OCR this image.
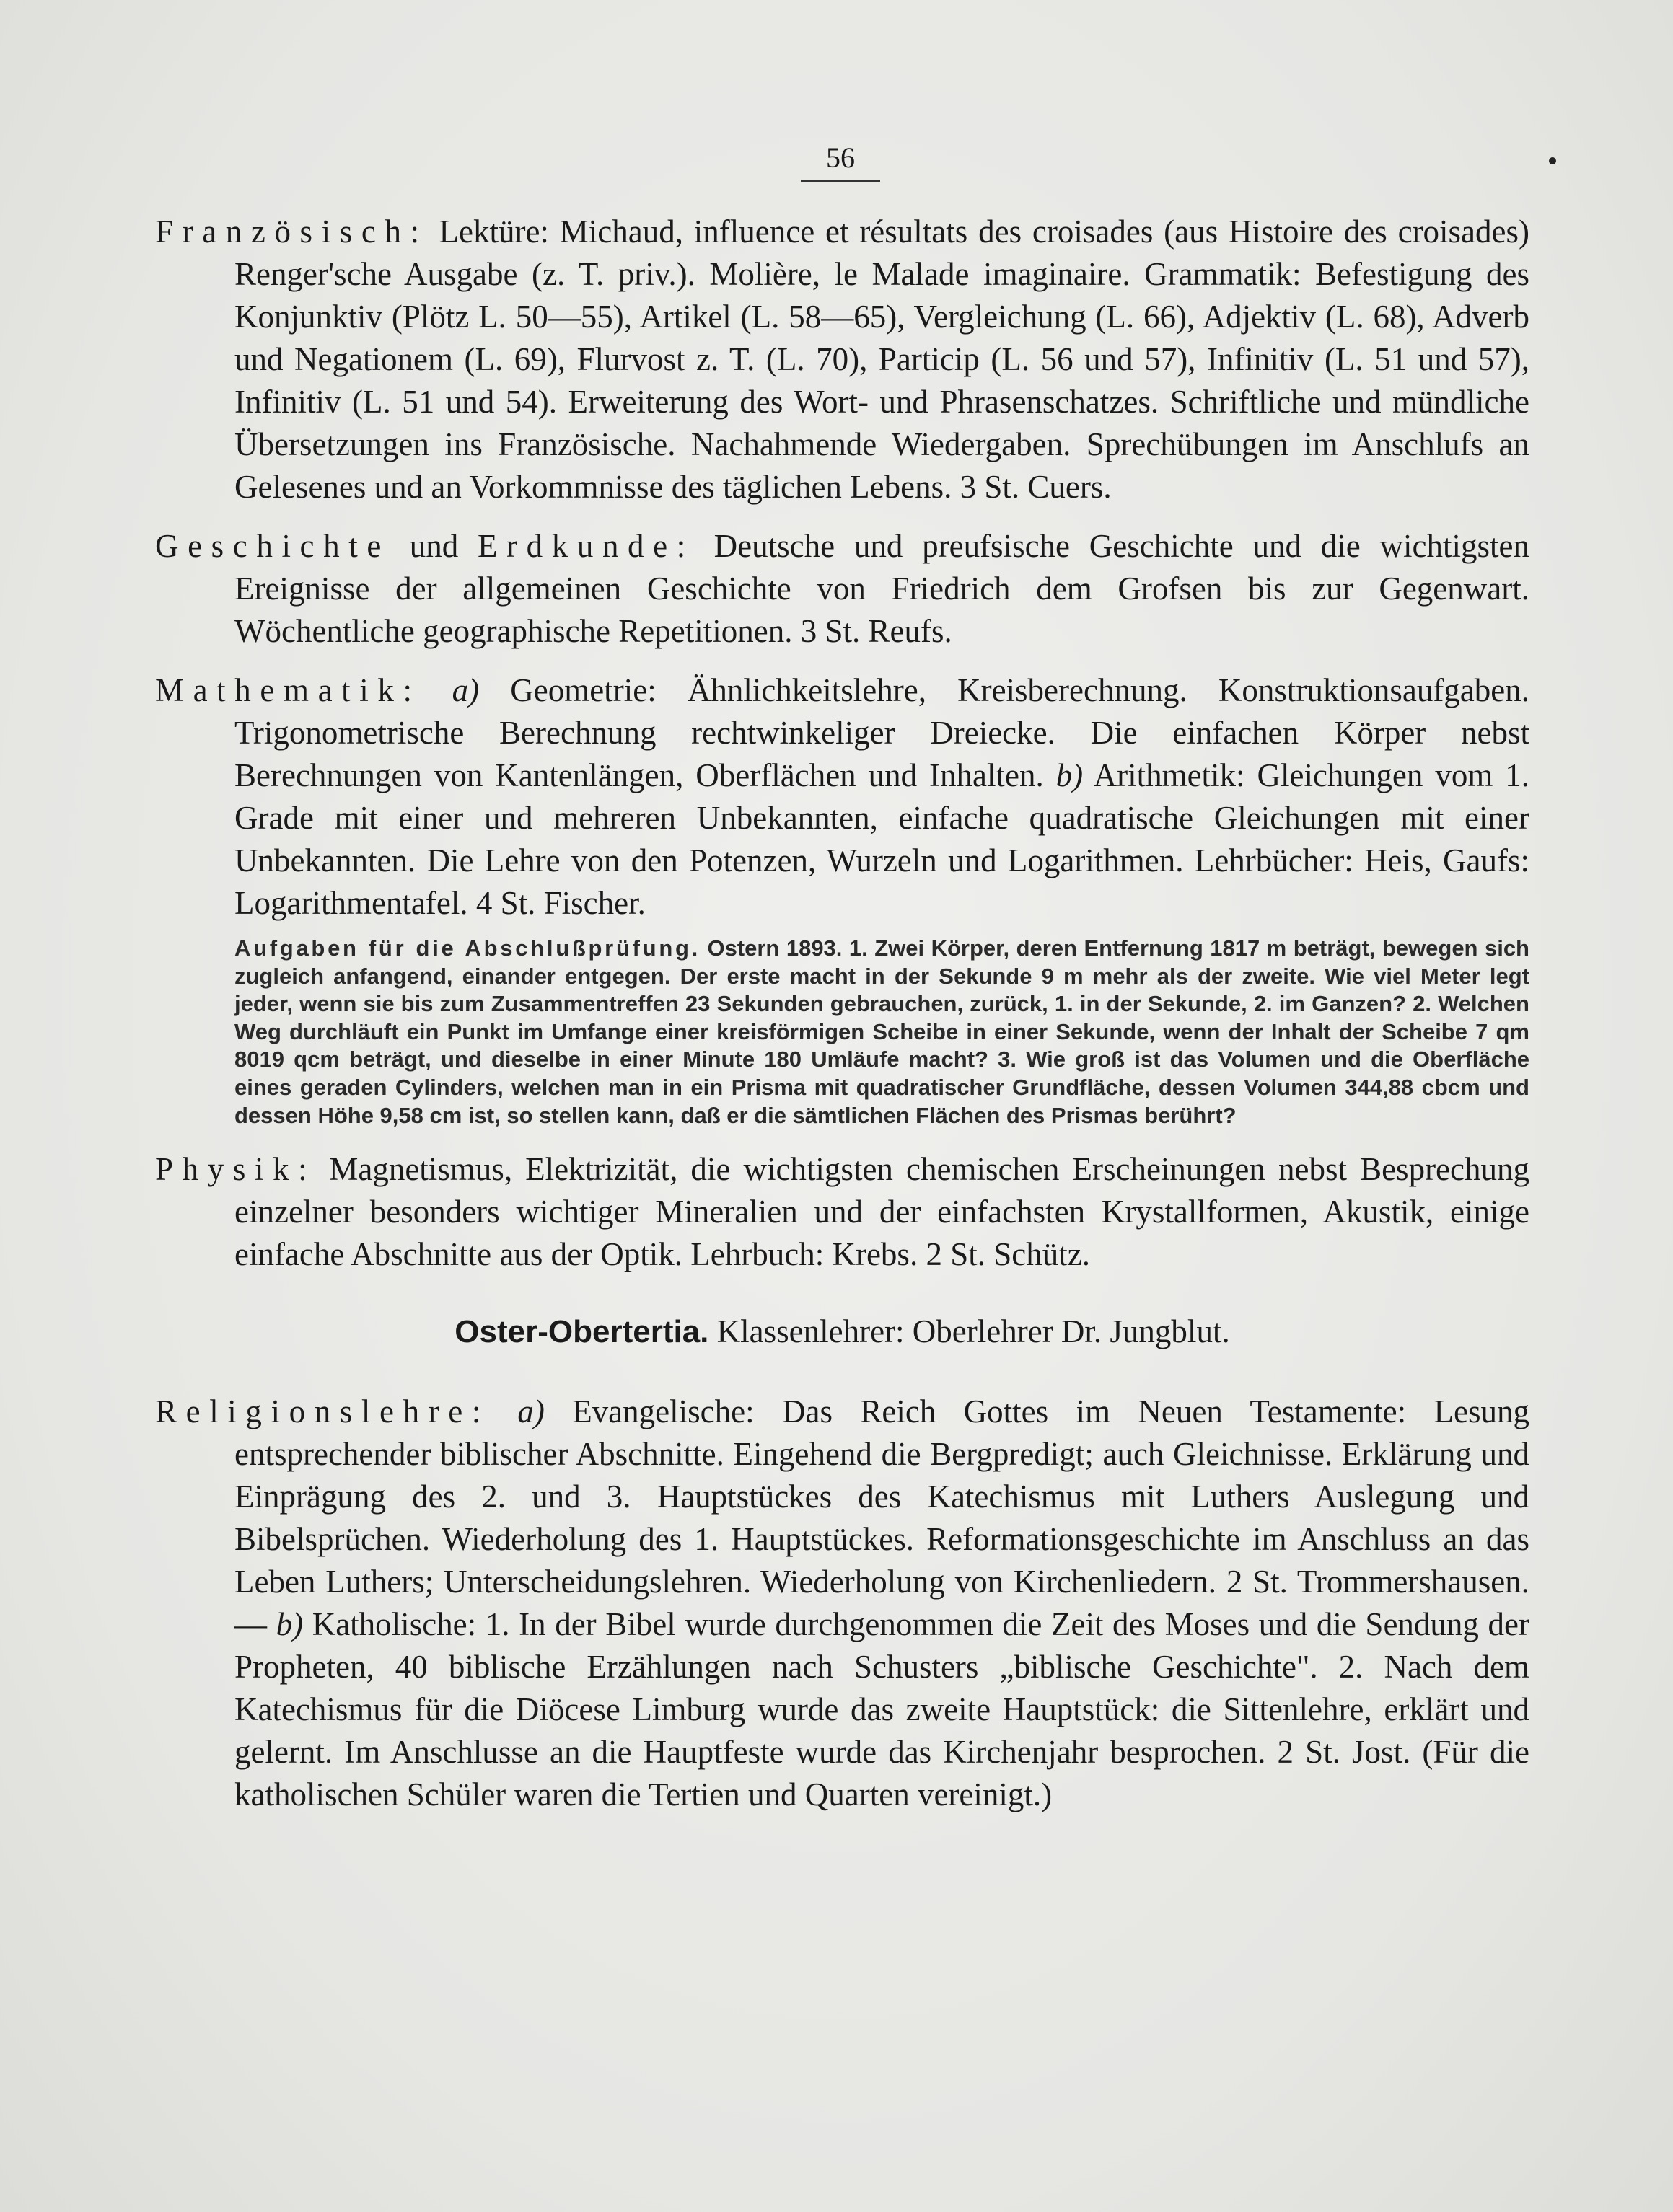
56

Französisch: Lektüre: Michaud, influence et résultats des croisades (aus Histoire des croisades) Renger'sche Ausgabe (z. T. priv.). Molière, le Malade imaginaire. Grammatik: Befestigung des Konjunktiv (Plötz L. 50—55), Artikel (L. 58—65), Vergleichung (L. 66), Adjektiv (L. 68), Adverb und Negationem (L. 69), Flurvost z. T. (L. 70), Particip (L. 56 und 57), Infinitiv (L. 51 und 57), Infinitiv (L. 51 und 54). Erweiterung des Wort- und Phrasenschatzes. Schriftliche und mündliche Übersetzungen ins Französische. Nachahmende Wiedergaben. Sprechübungen im Anschlufs an Gelesenes und an Vorkommnisse des täglichen Lebens. 3 St. Cuers.

Geschichte und Erdkunde: Deutsche und preufsische Geschichte und die wichtigsten Ereignisse der allgemeinen Geschichte von Friedrich dem Grofsen bis zur Gegenwart. Wöchentliche geographische Repetitionen. 3 St. Reufs.

Mathematik: a) Geometrie: Ähnlichkeitslehre, Kreisberechnung. Konstruktionsaufgaben. Trigonometrische Berechnung rechtwinkeliger Dreiecke. Die einfachen Körper nebst Berechnungen von Kantenlängen, Oberflächen und Inhalten. b) Arithmetik: Gleichungen vom 1. Grade mit einer und mehreren Unbekannten, einfache quadratische Gleichungen mit einer Unbekannten. Die Lehre von den Potenzen, Wurzeln und Logarithmen. Lehrbücher: Heis, Gaufs: Logarithmentafel. 4 St. Fischer.

Aufgaben für die Abschlußprüfung. Ostern 1893. 1. Zwei Körper, deren Entfernung 1817 m beträgt, bewegen sich zugleich anfangend, einander entgegen. Der erste macht in der Sekunde 9 m mehr als der zweite. Wie viel Meter legt jeder, wenn sie bis zum Zusammentreffen 23 Sekunden gebrauchen, zurück, 1. in der Sekunde, 2. im Ganzen? 2. Welchen Weg durchläuft ein Punkt im Umfange einer kreisförmigen Scheibe in einer Sekunde, wenn der Inhalt der Scheibe 7 qm 8019 qcm beträgt, und dieselbe in einer Minute 180 Umläufe macht? 3. Wie groß ist das Volumen und die Oberfläche eines geraden Cylinders, welchen man in ein Prisma mit quadratischer Grundfläche, dessen Volumen 344,88 cbcm und dessen Höhe 9,58 cm ist, so stellen kann, daß er die sämtlichen Flächen des Prismas berührt?

Physik: Magnetismus, Elektrizität, die wichtigsten chemischen Erscheinungen nebst Besprechung einzelner besonders wichtiger Mineralien und der einfachsten Krystallformen, Akustik, einige einfache Abschnitte aus der Optik. Lehrbuch: Krebs. 2 St. Schütz.

Oster-Obertertia. Klassenlehrer: Oberlehrer Dr. Jungblut.

Religionslehre: a) Evangelische: Das Reich Gottes im Neuen Testamente: Lesung entsprechender biblischer Abschnitte. Eingehend die Bergpredigt; auch Gleichnisse. Erklärung und Einprägung des 2. und 3. Hauptstückes des Katechismus mit Luthers Auslegung und Bibelsprüchen. Wiederholung des 1. Hauptstückes. Reformationsgeschichte im Anschluss an das Leben Luthers; Unterscheidungslehren. Wiederholung von Kirchenliedern. 2 St. Trommershausen. — b) Katholische: 1. In der Bibel wurde durchgenommen die Zeit des Moses und die Sendung der Propheten, 40 biblische Erzählungen nach Schusters „biblische Geschichte". 2. Nach dem Katechismus für die Diöcese Limburg wurde das zweite Hauptstück: die Sittenlehre, erklärt und gelernt. Im Anschlusse an die Hauptfeste wurde das Kirchenjahr besprochen. 2 St. Jost. (Für die katholischen Schüler waren die Tertien und Quarten vereinigt.)
